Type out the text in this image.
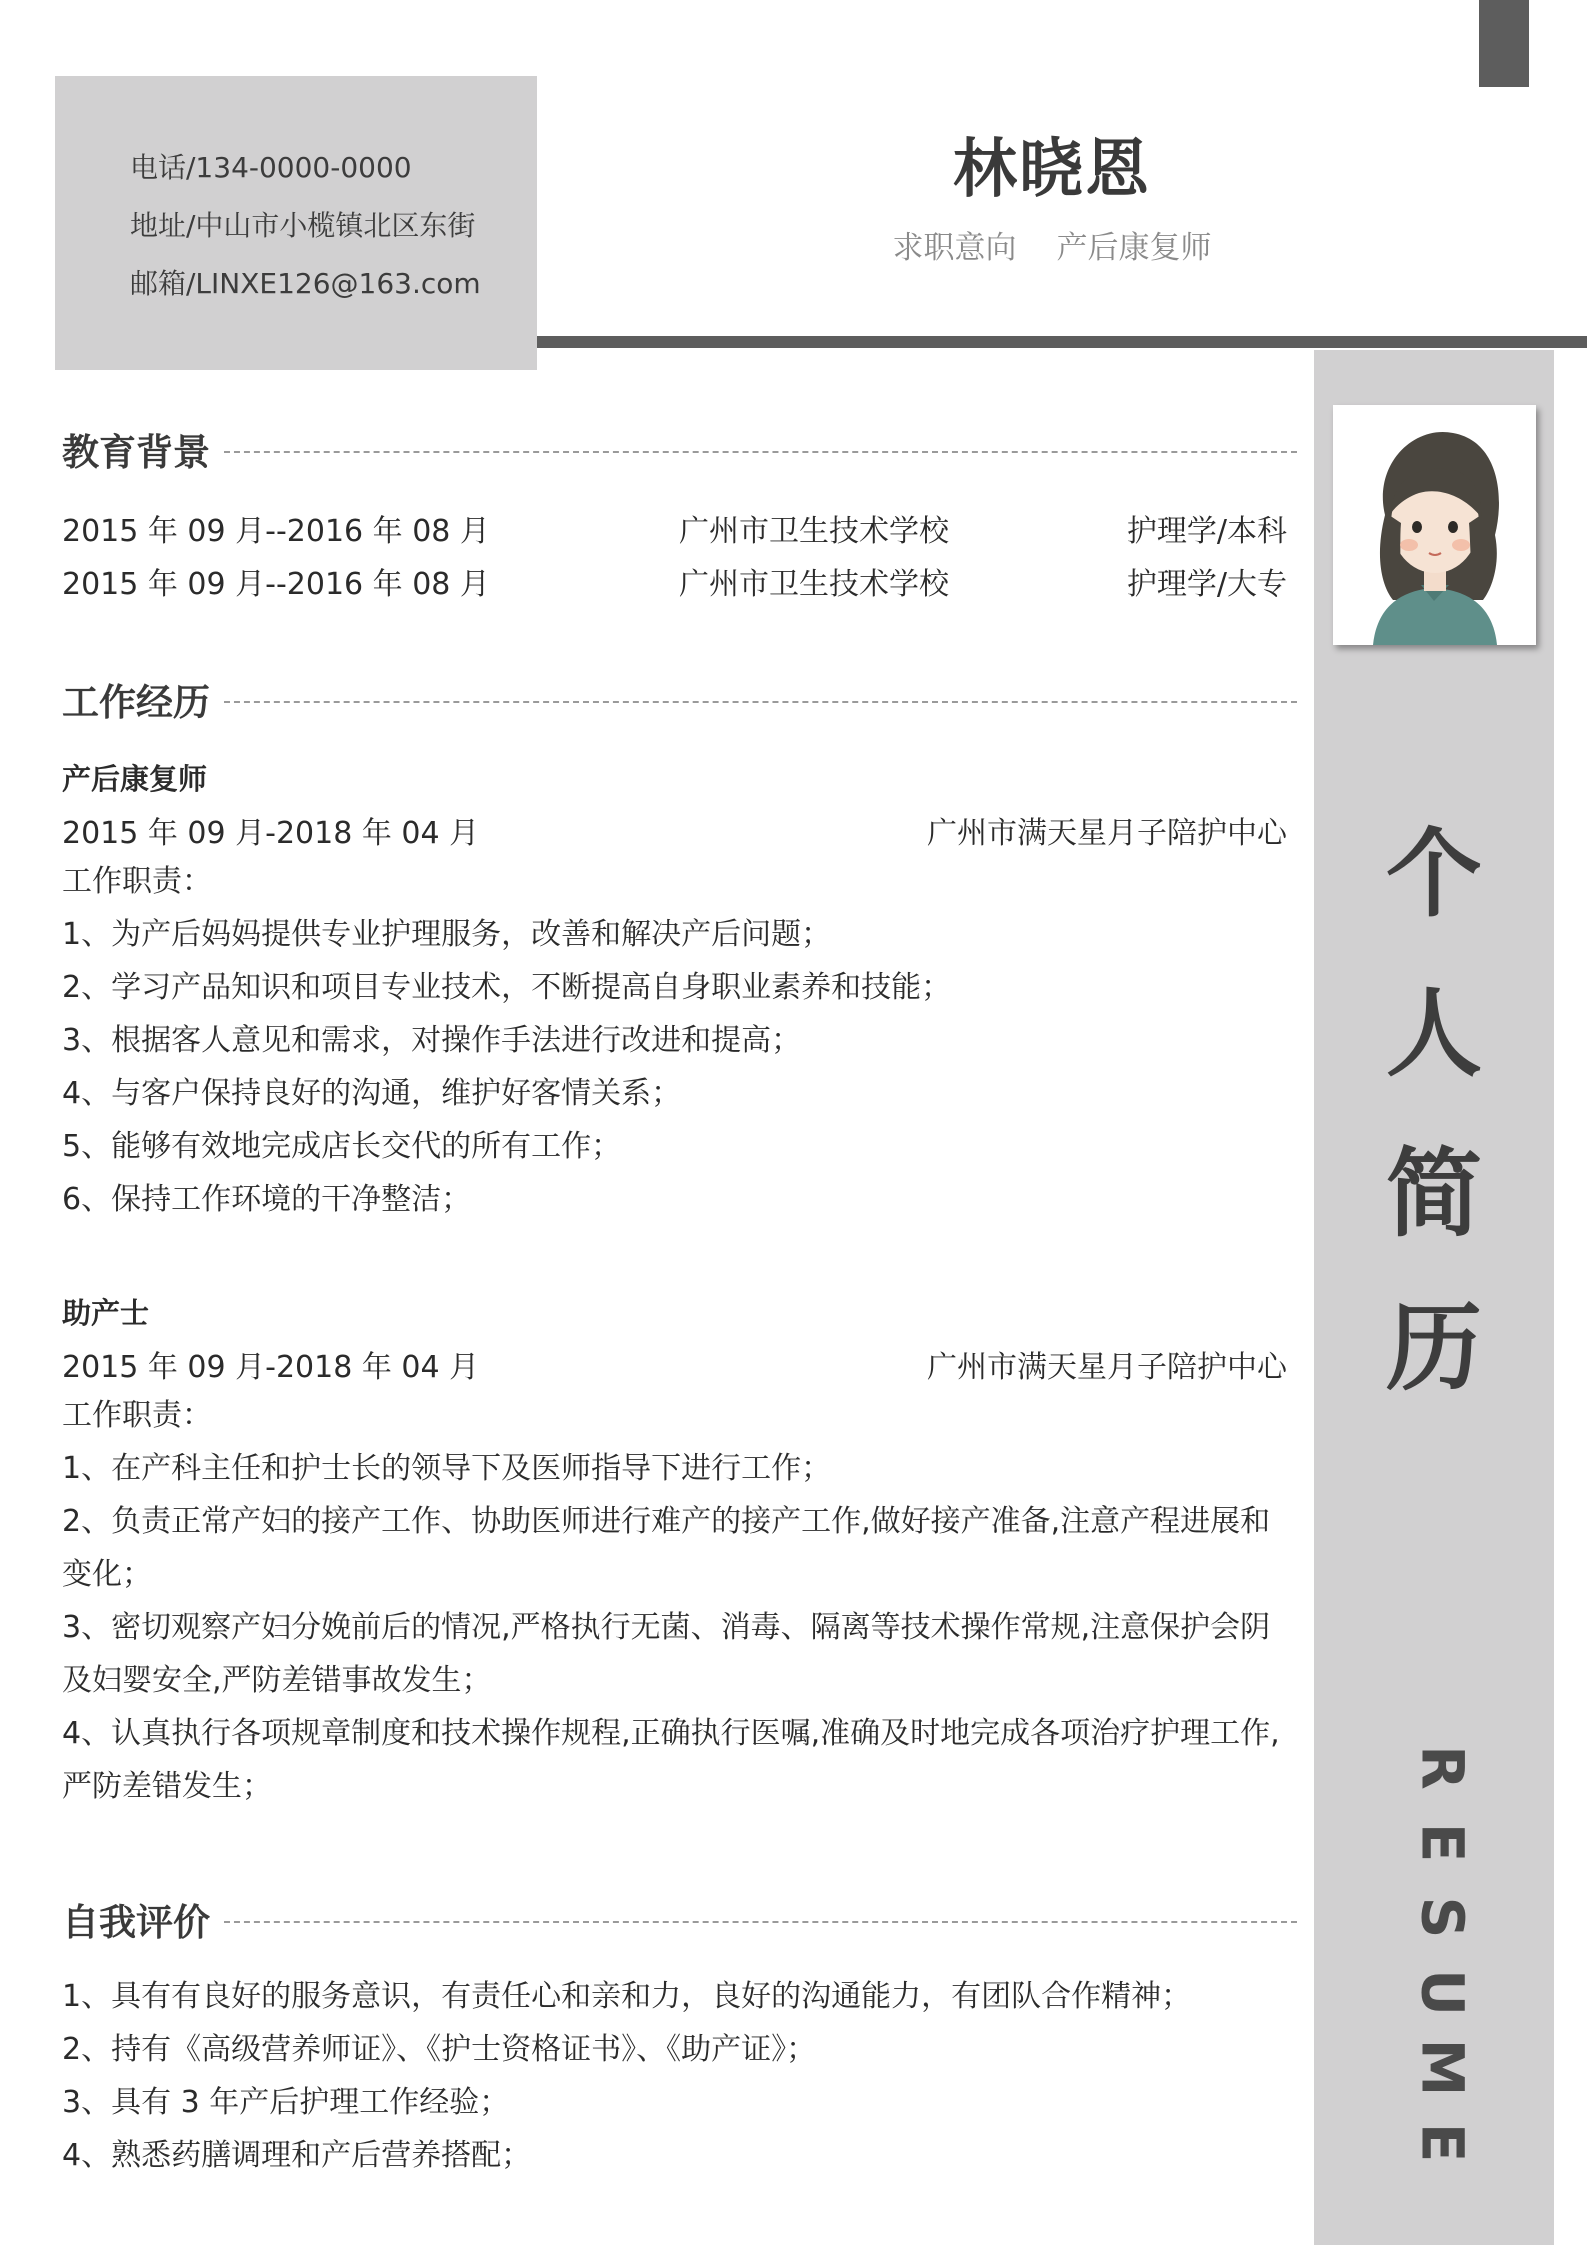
电话/134-0000-0000
地址/中山市小榄镇北区东街
邮箱/LINXE126@163.com
林晓恩
求职意向 产后康复师
个
人
简
历
R
E
S
U
M
E
教育背景
2015 年 09 月--2016 年 08 月	广州市卫生技术学校	护理学/本科
2015 年 09 月--2016 年 08 月	广州市卫生技术学校	护理学/大专
工作经历
产后康复师
2015 年 09 月-2018 年 04 月	广州市满天星月子陪护中心
工作职责：
1、为产后妈妈提供专业护理服务，改善和解决产后问题；
2、学习产品知识和项目专业技术，不断提高自身职业素养和技能；
3、根据客人意见和需求，对操作手法进行改进和提高；
4、与客户保持良好的沟通，维护好客情关系；
5、能够有效地完成店长交代的所有工作；
6、保持工作环境的干净整洁；
助产士
2015 年 09 月-2018 年 04 月	广州市满天星月子陪护中心
工作职责：
1、在产科主任和护士长的领导下及医师指导下进行工作；
2、负责正常产妇的接产工作、协助医师进行难产的接产工作,做好接产准备,注意产程进展和变化；
3、密切观察产妇分娩前后的情况,严格执行无菌、消毒、隔离等技术操作常规,注意保护会阴及妇婴安全,严防差错事故发生；
4、认真执行各项规章制度和技术操作规程,正确执行医嘱,准确及时地完成各项治疗护理工作,严防差错发生；
自我评价
1、具有有良好的服务意识，有责任心和亲和力，良好的沟通能力，有团队合作精神；
2、持有《高级营养师证》、《护士资格证书》、《助产证》；
3、具有 3 年产后护理工作经验；
4、熟悉药膳调理和产后营养搭配；
